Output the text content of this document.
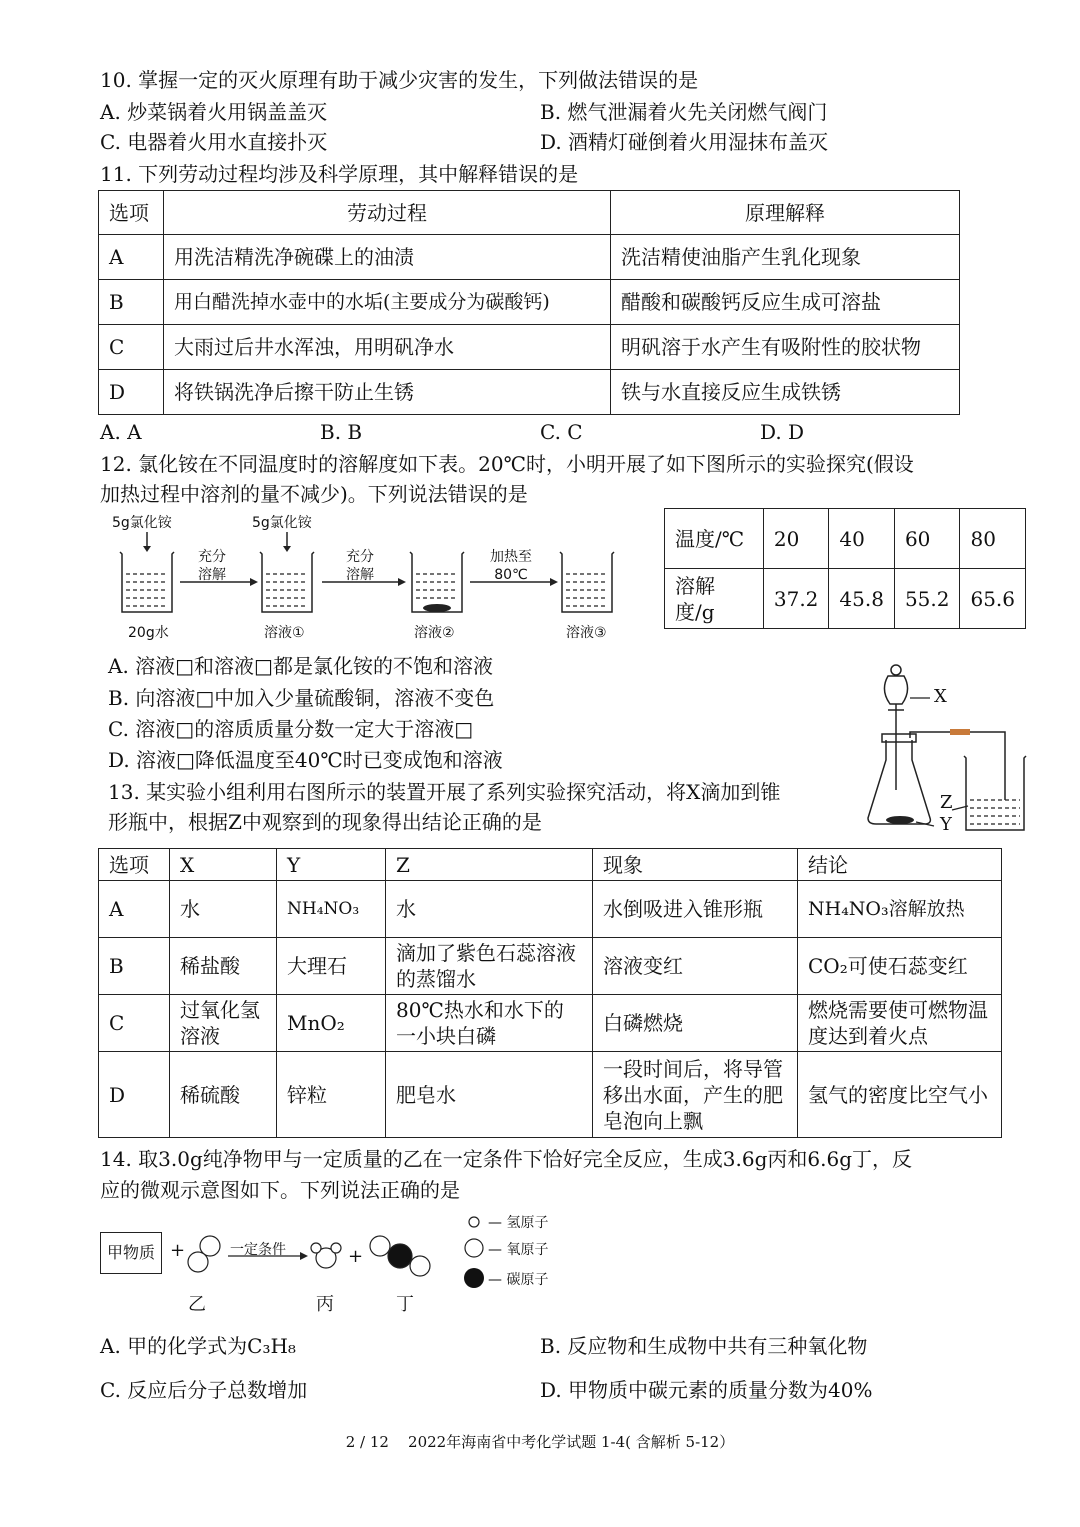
10. 掌握一定的灭火原理有助于减少灾害的发生，下列做法错误的是
A. 炒菜锅着火用锅盖盖灭	B. 燃气泄漏着火先关闭燃气阀门
C. 电器着火用水直接扑灭	D. 酒精灯碰倒着火用湿抹布盖灭
11. 下列劳动过程均涉及科学原理，其中解释错误的是
选项	劳动过程	原理解释
A	用洗洁精洗净碗碟上的油渍	洗洁精使油脂产生乳化现象
B	用白醋洗掉水壶中的水垢(主要成分为碳酸钙)	醋酸和碳酸钙反应生成可溶盐
C	大雨过后井水浑浊，用明矾净水	明矾溶于水产生有吸附性的胶状物
D	将铁锅洗净后擦干防止生锈	铁与水直接反应生成铁锈
A. A	B. B	C. C	D. D
12. 氯化铵在不同温度时的溶解度如下表。20℃时，小明开展了如下图所示的实验探究(假设
加热过程中溶剂的量不减少)。下列说法错误的是
5g氯化铵	5g氯化铵
充分溶解
充分溶解
加热至80℃
20g水	溶液①	溶液②	溶液③
温度/℃	20	40	60	80
溶解度/g	37.2	45.8	55.2	65.6
A. 溶液□和溶液□都是氯化铵的不饱和溶液
B. 向溶液□中加入少量硫酸铜，溶液不变色
C. 溶液□的溶质质量分数一定大于溶液□
D. 溶液□降低温度至40℃时已变成饱和溶液
X
Z
Y
13. 某实验小组利用右图所示的装置开展了系列实验探究活动，将X滴加到锥
形瓶中，根据Z中观察到的现象得出结论正确的是
选项	X	Y	Z	现象	结论
A	水	NH₄NO₃	水	水倒吸进入锥形瓶	NH₄NO₃溶解放热
B	稀盐酸	大理石	滴加了紫色石蕊溶液的蒸馏水	溶液变红	CO₂可使石蕊变红
C	过氧化氢溶液	MnO₂	80℃热水和水下的一小块白磷	白磷燃烧	燃烧需要使可燃物温度达到着火点
D	稀硫酸	锌粒	肥皂水	一段时间后，将导管移出水面，产生的肥皂泡向上飘	氢气的密度比空气小
14. 取3.0g纯净物甲与一定质量的乙在一定条件下恰好完全反应，生成3.6g丙和6.6g丁，反
应的微观示意图如下。下列说法正确的是
甲物质 +	+
一定条件
乙	丙	丁
— 氢原子
— 氧原子
— 碳原子
A. 甲的化学式为C₃H₈	B. 反应物和生成物中共有三种氧化物
C. 反应后分子总数增加	D. 甲物质中碳元素的质量分数为40%
2 / 12    2022年海南省中考化学试题 1-4( 含解析 5-12）
